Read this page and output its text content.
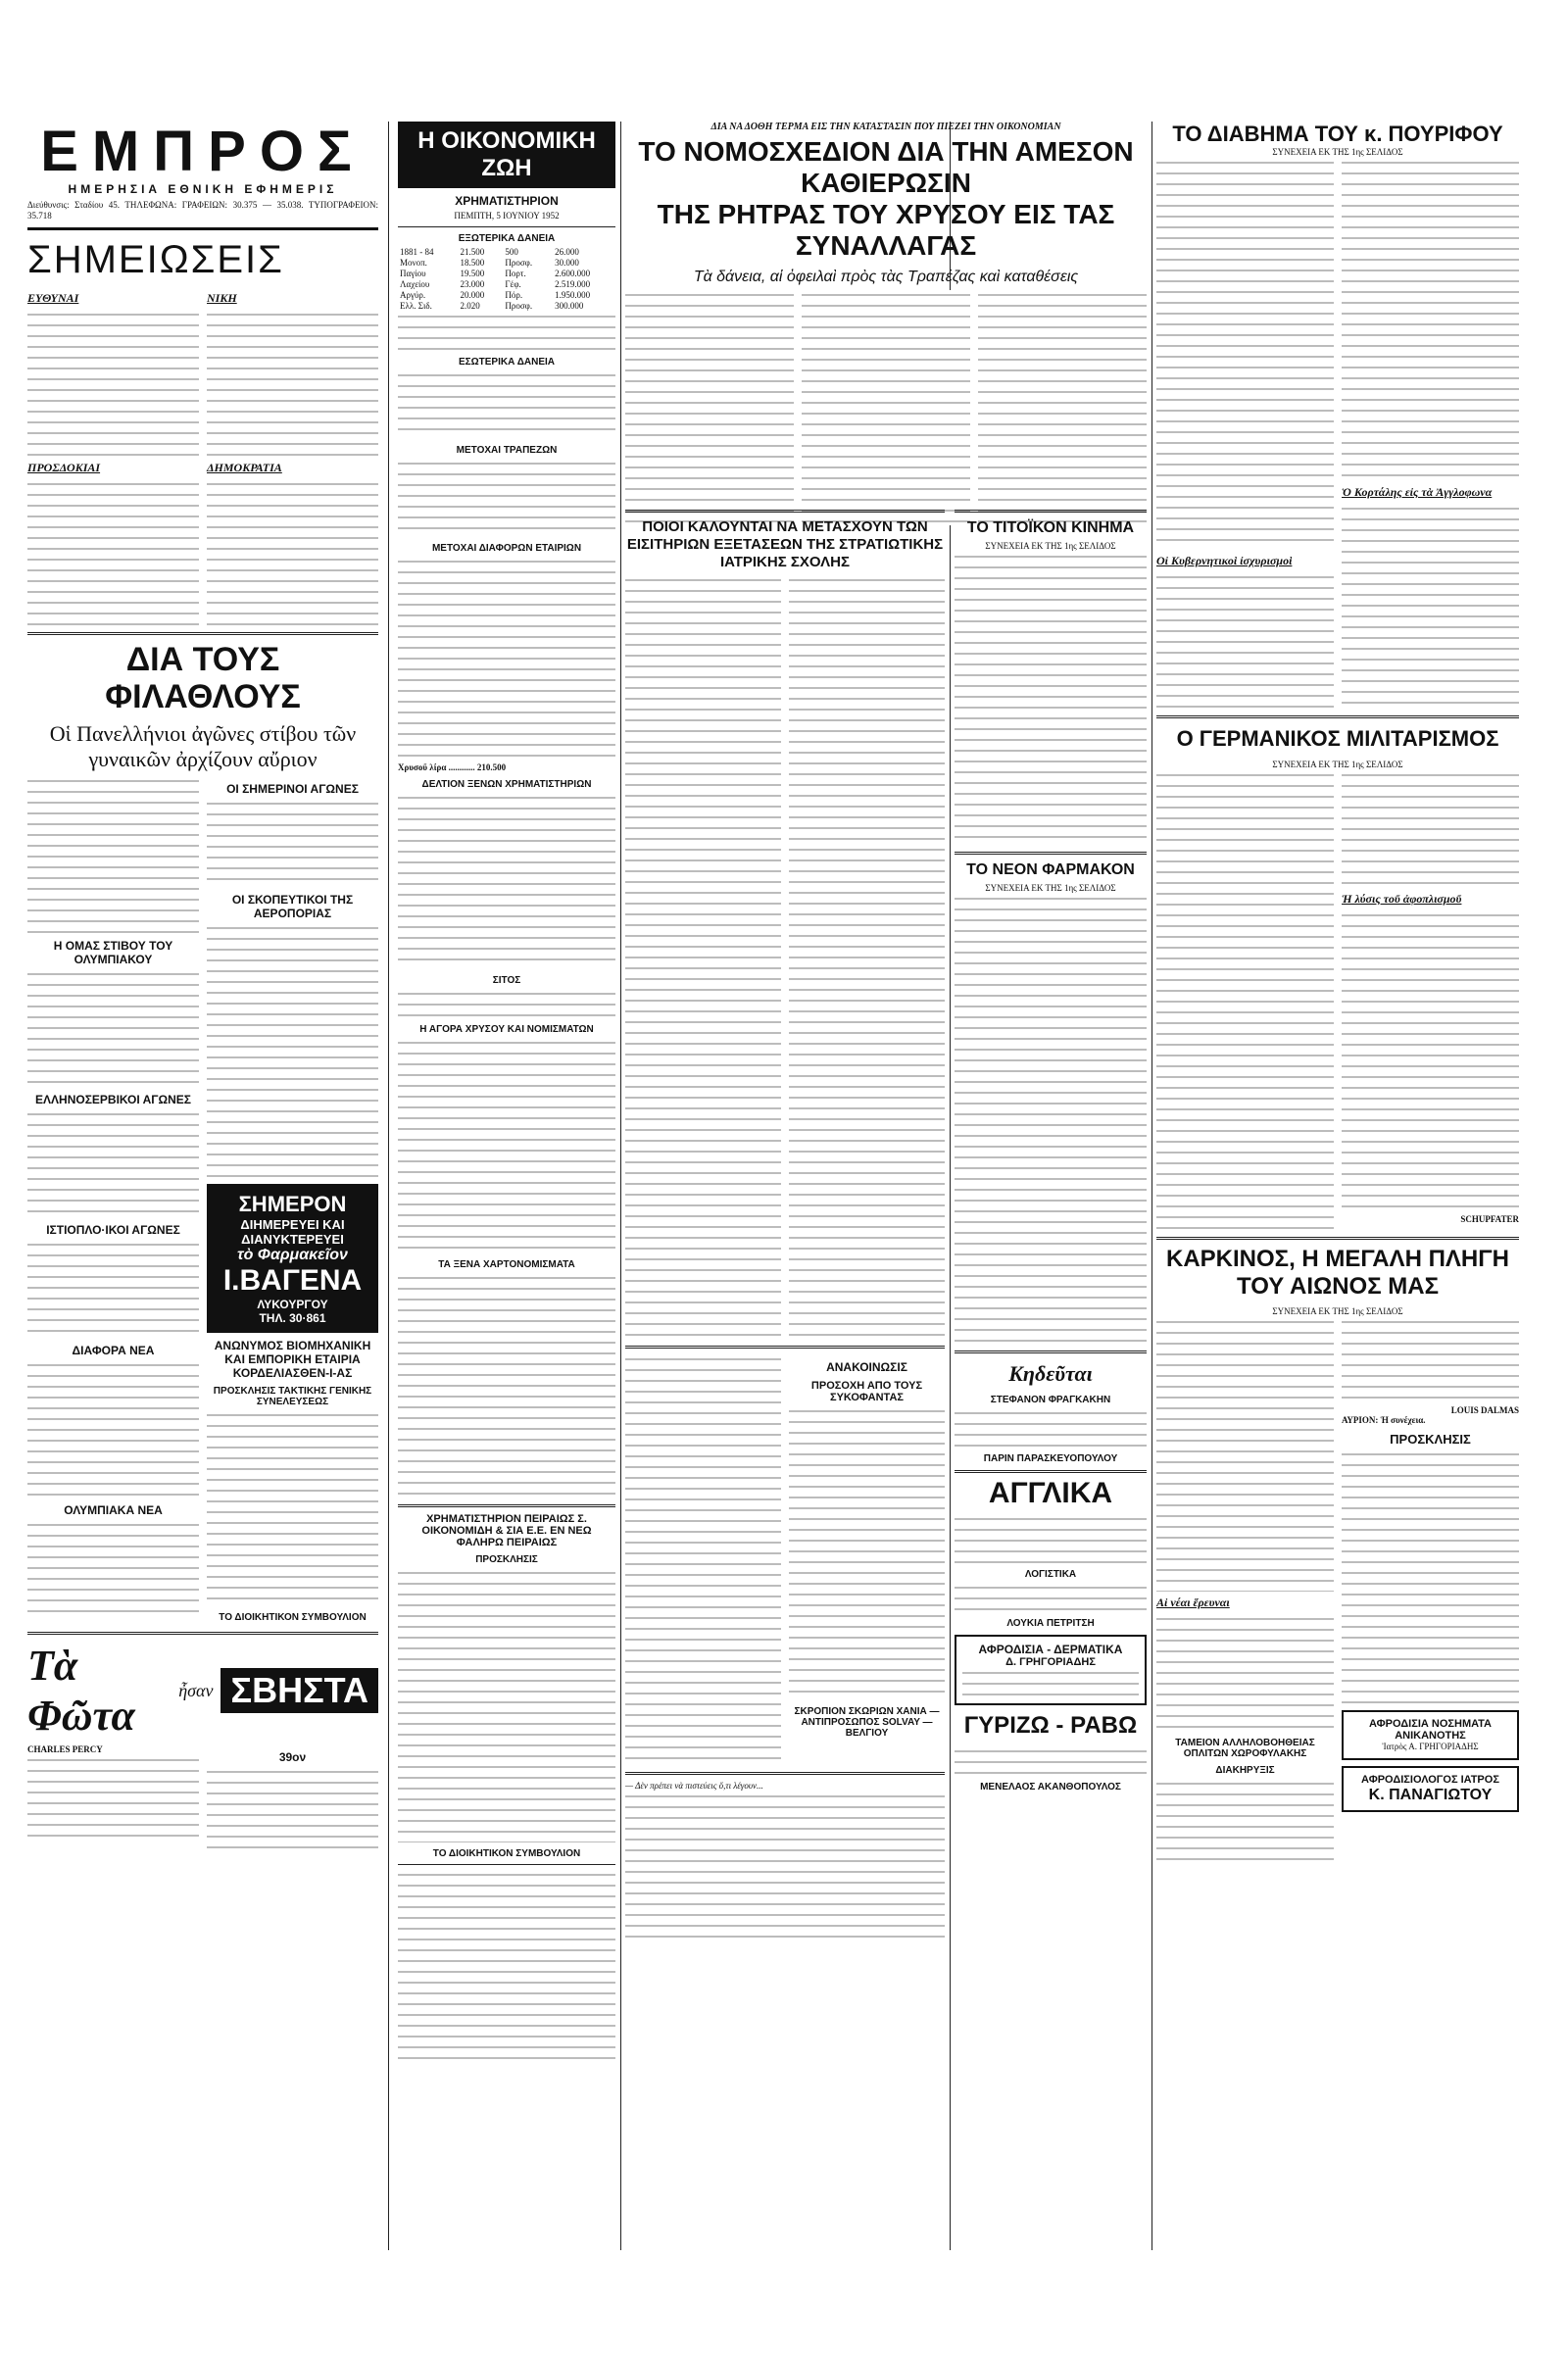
ΕΜΠΡΟΣ
ΗΜΕΡΗΣΙΑ ΕΘΝΙΚΗ ΕΦΗΜΕΡΙΣ
Διεύθυνσις: Σταδίου 45. ΤΗΛΕΦΩΝΑ: ΓΡΑΦΕΙΩΝ: 30.375 — 35.038. ΤΥΠΟΓΡΑΦΕΙΟΝ: 35.718
ΣΗΜΕΙΩΣΕΙΣ
ΕΥΘΥΝΑΙ
ΠΡΟΣΔΟΚΙΑΙ
ΝΙΚΗ
ΔΗΜΟΚΡΑΤΙΑ
ΔΙΑ ΤΟΥΣ ΦΙΛΑΘΛΟΥΣ
Οἱ Πανελλήνιοι ἀγῶνες στίβου τῶν γυναικῶν ἀρχίζουν αὔριον
Η ΟΜΑΣ ΣΤΙΒΟΥ ΤΟΥ ΟΛΥΜΠΙΑΚΟΥ
ΕΛΛΗΝΟΣΕΡΒΙΚΟΙ ΑΓΩΝΕΣ
ΙΣΤΙΟΠΛΟ·ΙΚΟΙ ΑΓΩΝΕΣ
ΔΙΑΦΟΡΑ ΝΕΑ
ΟΛΥΜΠΙΑΚΑ ΝΕΑ
ΟΙ ΣΗΜΕΡΙΝΟΙ ΑΓΩΝΕΣ
ΟΙ ΣΚΟΠΕΥΤΙΚΟΙ ΤΗΣ ΑΕΡΟΠΟΡΙΑΣ
ΣΗΜΕΡΟΝ
ΔΙΗΜΕΡΕΥΕΙ ΚΑΙ ΔΙΑΝΥΚΤΕΡΕΥΕΙ
τὸ Φαρμακεῖον
Ι.ΒΑΓΕΝΑ
ΛΥΚΟΥΡΓΟΥ
ΤΗΛ. 30·861
ΑΝΩΝΥΜΟΣ ΒΙΟΜΗΧΑΝΙΚΗ ΚΑΙ ΕΜΠΟΡΙΚΗ ΕΤΑΙΡΙΑ ΚΟΡΔΕΛΙΑΣΘΕΝ-Ι-ΑΣ
ΠΡΟΣΚΛΗΣΙΣ ΤΑΚΤΙΚΗΣ ΓΕΝΙΚΗΣ ΣΥΝΕΛΕΥΣΕΩΣ
ΤΟ ΔΙΟΙΚΗΤΙΚΟΝ ΣΥΜΒΟΥΛΙΟΝ
Τὰ Φῶτα
ἦσαν ΣΒΗΣΤΑ
CHARLES PERCY
39ον
Η ΟΙΚΟΝΟΜΙΚΗ ΖΩΗ
ΧΡΗΜΑΤΙΣΤΗΡΙΟΝ
ΠΕΜΠΤΗ, 5 ΙΟΥΝΙΟΥ 1952
ΕΞΩΤΕΡΙΚΑ ΔΑΝΕΙΑ
1881 - 84	21.500	500	26.000
Μονοπ.	18.500	Προσφ.	30.000
Παγίου	19.500	Πορτ.	2.600.000
Λαχείου	23.000	Γέφ.	2.519.000
Αργύρ.	20.000	Πόρ.	1.950.000
Ελλ. Σιδ.	2.020	Προσφ.	300.000
ΕΣΩΤΕΡΙΚΑ ΔΑΝΕΙΑ
ΜΕΤΟΧΑΙ ΤΡΑΠΕΖΩΝ
ΜΕΤΟΧΑΙ ΔΙΑΦΟΡΩΝ ΕΤΑΙΡΙΩΝ
Χρυσοῦ λίρα ............ 210.500
ΔΕΛΤΙΟΝ ΞΕΝΩΝ ΧΡΗΜΑΤΙΣΤΗΡΙΩΝ
ΣΙΤΟΣ
Η ΑΓΟΡΑ ΧΡΥΣΟΥ ΚΑΙ ΝΟΜΙΣΜΑΤΩΝ
ΤΑ ΞΕΝΑ ΧΑΡΤΟΝΟΜΙΣΜΑΤΑ
ΧΡΗΜΑΤΙΣΤΗΡΙΟΝ ΠΕΙΡΑΙΩΣ Σ. ΟΙΚΟΝΟΜΙΔΗ & ΣΙΑ Ε.Ε. ΕΝ ΝΕΩ ΦΑΛΗΡΩ ΠΕΙΡΑΙΩΣ
ΠΡΟΣΚΛΗΣΙΣ
ΤΟ ΔΙΟΙΚΗΤΙΚΟΝ ΣΥΜΒΟΥΛΙΟΝ
ΔΙΑ ΝΑ ΔΟΘΗ ΤΕΡΜΑ ΕΙΣ ΤΗΝ ΚΑΤΑΣΤΑΣΙΝ ΠΟΥ ΠΙΕΖΕΙ ΤΗΝ ΟΙΚΟΝΟΜΙΑΝ
ΤΟ ΝΟΜΟΣΧΕΔΙΟΝ ΔΙΑ ΤΗΝ ΑΜΕΣΟΝ ΚΑΘΙΕΡΩΣΙΝ
ΤΗΣ ΡΗΤΡΑΣ ΤΟΥ ΧΡΥΣΟΥ ΕΙΣ ΤΑΣ ΣΥΝΑΛΛΑΓΑΣ
Τὰ δάνεια, αἱ ὀφειλαὶ πρὸς τὰς Τραπέζας καὶ καταθέσεις
ΠΟΙΟΙ ΚΑΛΟΥΝΤΑΙ ΝΑ ΜΕΤΑΣΧΟΥΝ ΤΩΝ ΕΙΣΙΤΗΡΙΩΝ ΕΞΕΤΑΣΕΩΝ ΤΗΣ ΣΤΡΑΤΙΩΤΙΚΗΣ ΙΑΤΡΙΚΗΣ ΣΧΟΛΗΣ
ΑΝΑΚΟΙΝΩΣΙΣ
ΠΡΟΣΟΧΗ ΑΠΟ ΤΟΥΣ ΣΥΚΟΦΑΝΤΑΣ
ΣΚΡΟΠΙΟΝ ΣΚΩΡΙΩΝ ΧΑΝΙΑ — ΑΝΤΙΠΡΟΣΩΠΟΣ SOLVAY — ΒΕΛΓΙΟΥ
— Δὲν πρέπει νὰ πιστεύεις ὅ,τι λέγουν...
ΤΟ ΤΙΤΟΪΚΟΝ ΚΙΝΗΜΑ
ΣΥΝΕΧΕΙΑ ΕΚ ΤΗΣ 1ης ΣΕΛΙΔΟΣ
ΤΟ ΝΕΟΝ ΦΑΡΜΑΚΟΝ
ΣΥΝΕΧΕΙΑ ΕΚ ΤΗΣ 1ης ΣΕΛΙΔΟΣ
Κηδεῦται
ΣΤΕΦΑΝΟΝ ΦΡΑΓΚΑΚΗΝ
ΠΑΡΙΝ ΠΑΡΑΣΚΕΥΟΠΟΥΛΟΥ
ΑΓΓΛΙΚΑ
ΛΟΓΙΣΤΙΚΑ
ΛΟΥΚΙΑ ΠΕΤΡΙΤΣΗ
ΑΦΡΟΔΙΣΙΑ - ΔΕΡΜΑΤΙΚΑ
Δ. ΓΡΗΓΟΡΙΑΔΗΣ
ΓΥΡΙΖΩ - ΡΑΒΩ
ΜΕΝΕΛΑΟΣ ΑΚΑΝΘΟΠΟΥΛΟΣ
ΤΟ ΔΙΑΒΗΜΑ ΤΟΥ κ. ΠΟΥΡΙΦΟΥ
ΣΥΝΕΧΕΙΑ ΕΚ ΤΗΣ 1ης ΣΕΛΙΔΟΣ
Οἱ Κυβερνητικοὶ ἰσχυρισμοὶ
Ὁ Κορτάλης εἰς τὰ Ἀγγλοφωνα
Ο ΓΕΡΜΑΝΙΚΟΣ ΜΙΛΙΤΑΡΙΣΜΟΣ
ΣΥΝΕΧΕΙΑ ΕΚ ΤΗΣ 1ης ΣΕΛΙΔΟΣ
Ἡ λύσις τοῦ ἀφοπλισμοῦ
SCHUPFATER
ΚΑΡΚΙΝΟΣ, Η ΜΕΓΑΛΗ ΠΛΗΓΗ ΤΟΥ ΑΙΩΝΟΣ ΜΑΣ
ΣΥΝΕΧΕΙΑ ΕΚ ΤΗΣ 1ης ΣΕΛΙΔΟΣ
Αἱ νέαι ἔρευναι
ΤΑΜΕΙΟΝ ΑΛΛΗΛΟΒΟΗΘΕΙΑΣ ΟΠΛΙΤΩΝ ΧΩΡΟΦΥΛΑΚΗΣ
ΔΙΑΚΗΡΥΞΙΣ
LOUIS DALMAS
ΑΥΡΙΟΝ: Ἡ συνέχεια.
ΠΡΟΣΚΛΗΣΙΣ
ΑΦΡΟΔΙΣΙΑ ΝΟΣΗΜΑΤΑ ΑΝΙΚΑΝΟΤΗΣ
Ἰατρὸς Α. ΓΡΗΓΟΡΙΑΔΗΣ
ΑΦΡΟΔΙΣΙΟΛΟΓΟΣ ΙΑΤΡΟΣ
Κ. ΠΑΝΑΓΙΩΤΟΥ
